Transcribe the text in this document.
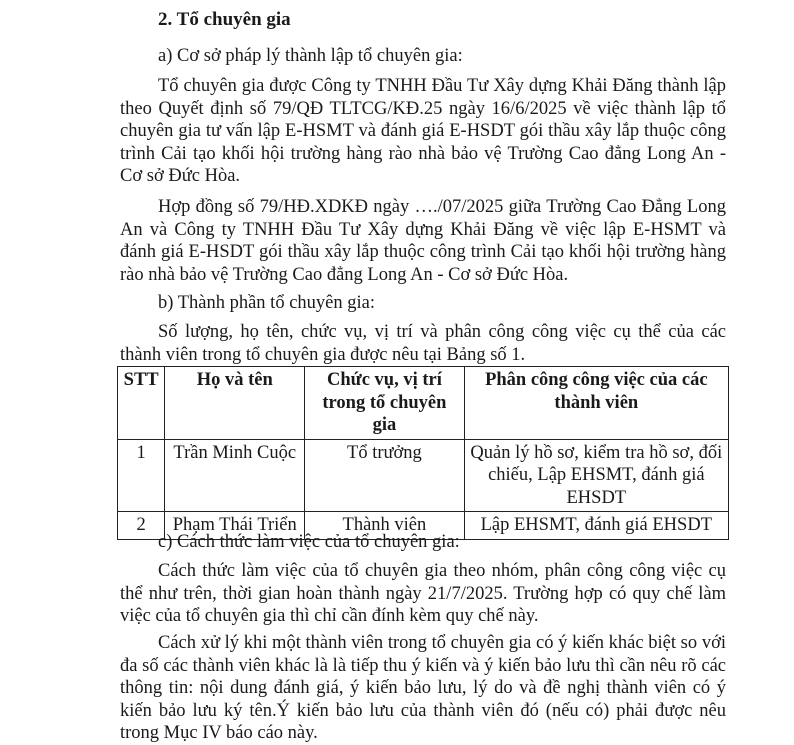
2. Tổ chuyên gia
a) Cơ sở pháp lý thành lập tổ chuyên gia:
Tổ chuyên gia được Công ty TNHH Đầu Tư Xây dựng Khải Đăng thành lập theo Quyết định số 79/QĐ TLTCG/KĐ.25 ngày 16/6/2025 về việc thành lập tổ chuyên gia tư vấn lập E-HSMT và đánh giá E-HSDT gói thầu xây lắp thuộc công trình Cải tạo khối hội trường hàng rào nhà bảo vệ Trường Cao đẳng Long An - Cơ sở Đức Hòa.
Hợp đồng số 79/HĐ.XDKĐ ngày …./07/2025 giữa Trường Cao Đẳng Long An và Công ty TNHH Đầu Tư Xây dựng Khải Đăng về việc lập E-HSMT và đánh giá E-HSDT gói thầu xây lắp thuộc công trình Cải tạo khối hội trường hàng rào nhà bảo vệ Trường Cao đẳng Long An - Cơ sở Đức Hòa.
b) Thành phần tổ chuyên gia:
Số lượng, họ tên, chức vụ, vị trí và phân công công việc cụ thể của các thành viên trong tổ chuyên gia được nêu tại Bảng số 1.
STT	Họ và tên	Chức vụ, vị trí trong tổ chuyên gia	Phân công công việc của các thành viên
1	Trần Minh Cuộc	Tổ trưởng	Quản lý hồ sơ, kiểm tra hồ sơ, đối chiếu, Lập EHSMT, đánh giá EHSDT
2	Phạm Thái Triển	Thành viên	Lập EHSMT, đánh giá EHSDT
c) Cách thức làm việc của tổ chuyên gia:
Cách thức làm việc của tổ chuyên gia theo nhóm, phân công công việc cụ thể như trên, thời gian hoàn thành ngày 21/7/2025. Trường hợp có quy chế làm việc của tổ chuyên gia thì chỉ cần đính kèm quy chế này.
Cách xử lý khi một thành viên trong tổ chuyên gia có ý kiến khác biệt so với đa số các thành viên khác là là tiếp thu ý kiến và ý kiến bảo lưu thì cần nêu rõ các thông tin: nội dung đánh giá, ý kiến bảo lưu, lý do và đề nghị thành viên có ý kiến bảo lưu ký tên.Ý kiến bảo lưu của thành viên đó (nếu có) phải được nêu trong Mục IV báo cáo này.
